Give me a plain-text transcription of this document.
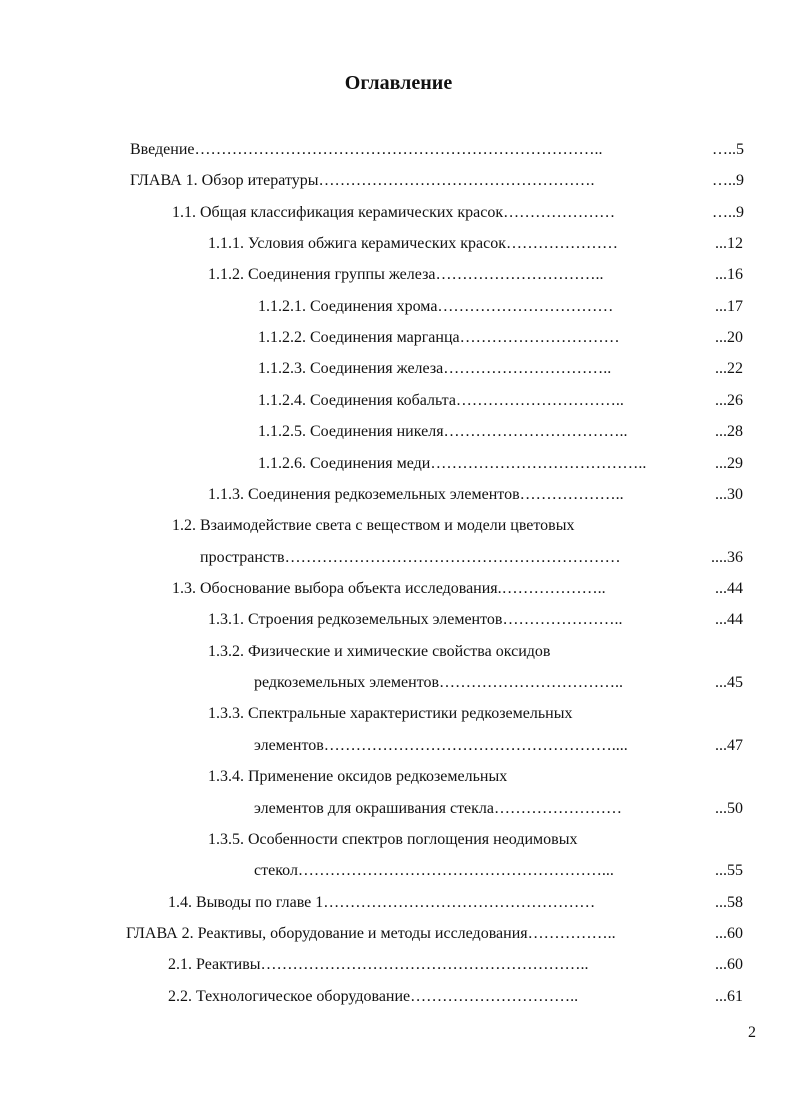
Оглавление
Введение…………………………………………………………………..	…..5
ГЛАВА 1. Обзор итературы…………………………………………….	…..9
1.1. Общая классификация керамических красок…………………	…..9
1.1.1. Условия обжига керамических красок…………………	...12
1.1.2. Соединения группы железа…………………………..	...16
1.1.2.1. Соединения хрома……………………………	...17
1.1.2.2. Соединения марганца…………………………	...20
1.1.2.3. Соединения железа…………………………..	...22
1.1.2.4. Соединения кобальта…………………………..	...26
1.1.2.5. Соединения никеля……………………………..	...28
1.1.2.6. Соединения меди…………………………………..	...29
1.1.3. Соединения редкоземельных элементов………………..	...30
1.2. Взаимодействие света с веществом и модели цветовых
пространств………………………………………………………	....36
1.3. Обоснование выбора объекта исследования.………………..	...44
1.3.1. Строения редкоземельных элементов…………………..	...44
1.3.2. Физические и химические свойства оксидов
редкоземельных элементов……………………………..	...45
1.3.3. Спектральные характеристики редкоземельных
элементов………………………………………………....	...47
1.3.4. Применение оксидов редкоземельных
элементов для окрашивания стекла……………………	...50
1.3.5. Особенности спектров поглощения неодимовых
стекол…………………………………………………...	...55
1.4. Выводы по главе 1……………………………………………	...58
ГЛАВА 2. Реактивы, оборудование и методы исследования……………..	...60
2.1. Реактивы……………………………………………………..	...60
2.2. Технологическое оборудование…………………………..	...61
2
